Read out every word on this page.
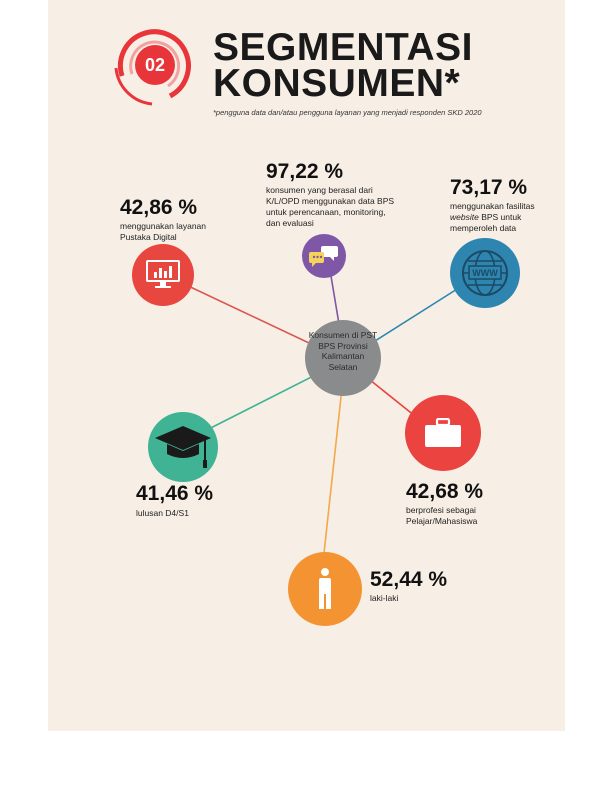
02 SEGMENTASI
KONSUMEN*
*pengguna data dan/atau pengguna layanan yang menjadi responden SKD 2020
Konsumen di PST BPS Provinsi Kalimantan Selatan
42,86 %
menggunakan layanan
Pustaka Digital
97,22 %
konsumen yang berasal dari
K/L/OPD menggunakan data BPS
untuk perencanaan, monitoring,
dan evaluasi
73,17 %
menggunakan fasilitas
website BPS untuk
memperoleh data
WWW
41,46 %
lulusan D4/S1
42,68 %
berprofesi sebagai
Pelajar/Mahasiswa
52,44 %
laki-laki
